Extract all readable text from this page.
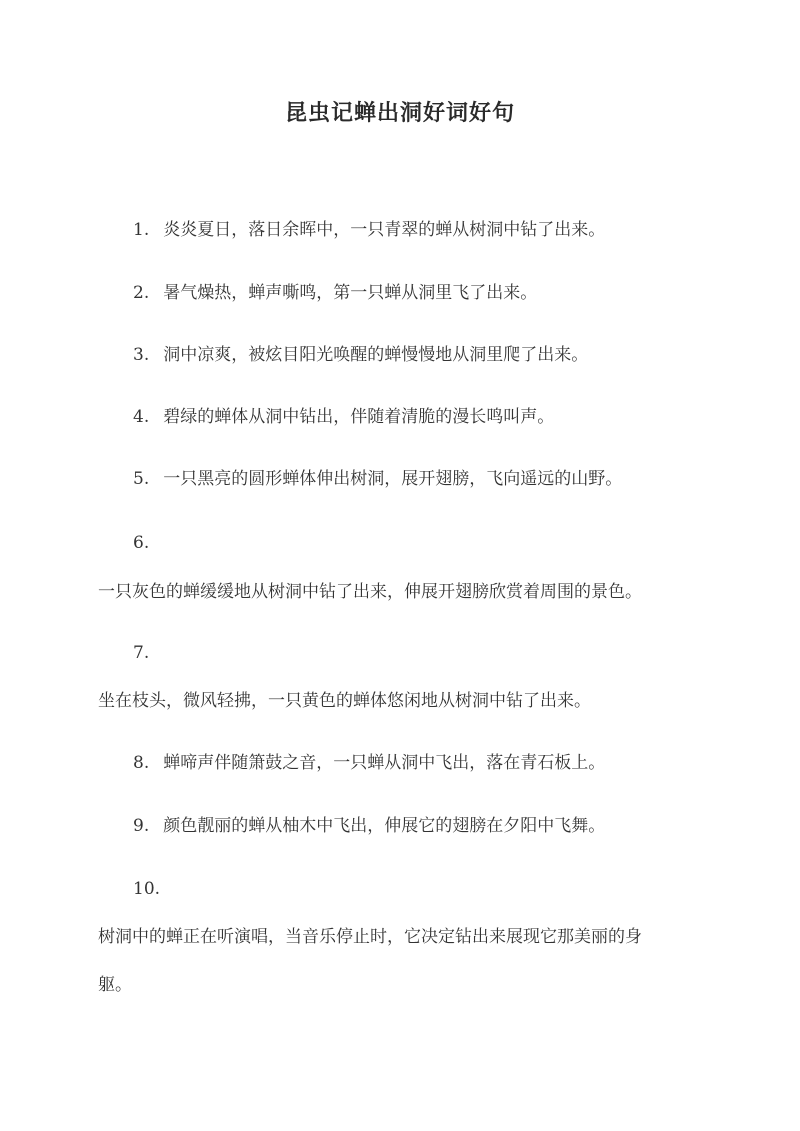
昆虫记蝉出洞好词好句
1. 炎炎夏日，落日余晖中，一只青翠的蝉从树洞中钻了出来。
2. 暑气燥热，蝉声嘶鸣，第一只蝉从洞里飞了出来。
3. 洞中凉爽，被炫目阳光唤醒的蝉慢慢地从洞里爬了出来。
4. 碧绿的蝉体从洞中钻出，伴随着清脆的漫长鸣叫声。
5. 一只黑亮的圆形蝉体伸出树洞，展开翅膀，飞向遥远的山野。
6.
一只灰色的蝉缓缓地从树洞中钻了出来，伸展开翅膀欣赏着周围的景色。
7.
坐在枝头，微风轻拂，一只黄色的蝉体悠闲地从树洞中钻了出来。
8. 蝉啼声伴随箫鼓之音，一只蝉从洞中飞出，落在青石板上。
9. 颜色靓丽的蝉从柚木中飞出，伸展它的翅膀在夕阳中飞舞。
10.
树洞中的蝉正在听演唱，当音乐停止时，它决定钻出来展现它那美丽的身
躯。
